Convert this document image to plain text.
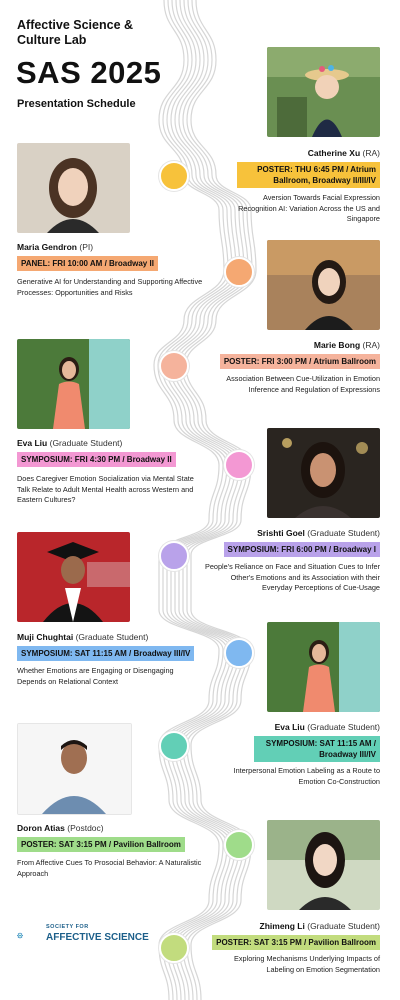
Affective Science & Culture Lab
SAS 2025
Presentation Schedule
Catherine Xu (RA)
POSTER: THU 6:45 PM / Atrium Ballroom, Broadway II/III/IV
Aversion Towards Facial Expression Recognition AI: Variation Across the US and Singapore
Maria Gendron (PI)
PANEL: FRI 10:00 AM / Broadway II
Generative AI for Understanding and Supporting Affective Processes: Opportunities and Risks
Marie Bong (RA)
POSTER: FRI 3:00 PM / Atrium Ballroom
Association Between Cue-Utilization in Emotion Inference and Regulation of Expressions
Eva Liu (Graduate Student)
SYMPOSIUM: FRI 4:30 PM / Broadway II
Does Caregiver Emotion Socialization via Mental State Talk Relate to Adult Mental Health across Western and Eastern Cultures?
Srishti Goel (Graduate Student)
SYMPOSIUM: FRI 6:00 PM / Broadway I
People's Reliance on Face and Situation Cues to Infer Other's Emotions and its Association with their Everyday Perceptions of Cue-Usage
Muji Chughtai (Graduate Student)
SYMPOSIUM: SAT 11:15 AM / Broadway III/IV
Whether Emotions are Engaging or Disengaging Depends on Relational Context
Eva Liu (Graduate Student)
SYMPOSIUM: SAT 11:15 AM / Broadway III/IV
Interpersonal Emotion Labeling as a Route to Emotion Co-Construction
Doron Atias (Postdoc)
POSTER: SAT 3:15 PM / Pavilion Ballroom
From Affective Cues To Prosocial Behavior: A Naturalistic Approach
Zhimeng Li (Graduate Student)
POSTER: SAT 3:15 PM / Pavilion Ballroom
Exploring Mechanisms Underlying Impacts of Labeling on Emotion Segmentation
SOCIETY FOR
AFFECTIVE SCIENCE
